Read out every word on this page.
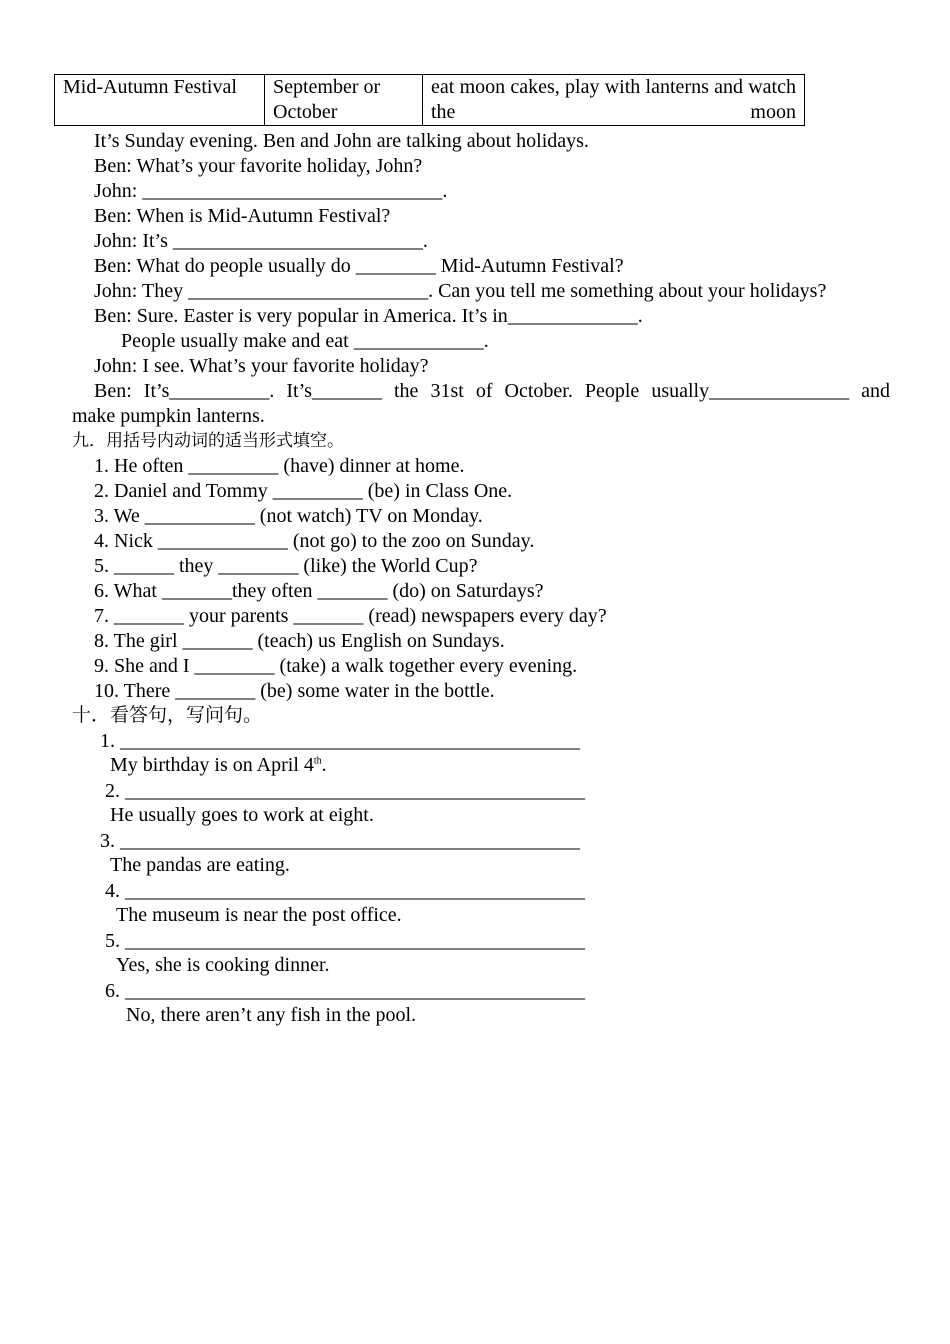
Mid-Autumn Festival	September or October	eat moon cakes, play with lanterns and watch the moon
It’s Sunday evening. Ben and John are talking about holidays.
Ben: What’s your favorite holiday, John?
John: ______________________________.
Ben: When is Mid-Autumn Festival?
John: It’s _________________________.
Ben: What do people usually do ________ Mid-Autumn Festival?
John: They ________________________. Can you tell me something about your holidays?
Ben: Sure. Easter is very popular in America. It’s in_____________.
People usually make and eat _____________.
John: I see. What’s your favorite holiday?
Ben: It’s__________. It’s_______ the 31st of October. People usually______________ and
make pumpkin lanterns.
九．用括号内动词的适当形式填空。
1. He often _________ (have) dinner at home.
2. Daniel and Tommy _________ (be) in Class One.
3. We ___________ (not watch) TV on Monday.
4. Nick _____________ (not go) to the zoo on Sunday.
5. ______ they ________ (like) the World Cup?
6. What _______they often _______ (do) on Saturdays?
7. _______ your parents _______ (read) newspapers every day?
8. The girl _______ (teach) us English on Sundays.
9. She and I ________ (take) a walk together every evening.
10. There ________ (be) some water in the bottle.
十．看答句，写问句。
1. ______________________________________________
My birthday is on April 4th.
2. ______________________________________________
He usually goes to work at eight.
3. ______________________________________________
The pandas are eating.
4. ______________________________________________
The museum is near the post office.
5. ______________________________________________
Yes, she is cooking dinner.
6. ______________________________________________
No, there aren’t any fish in the pool.
